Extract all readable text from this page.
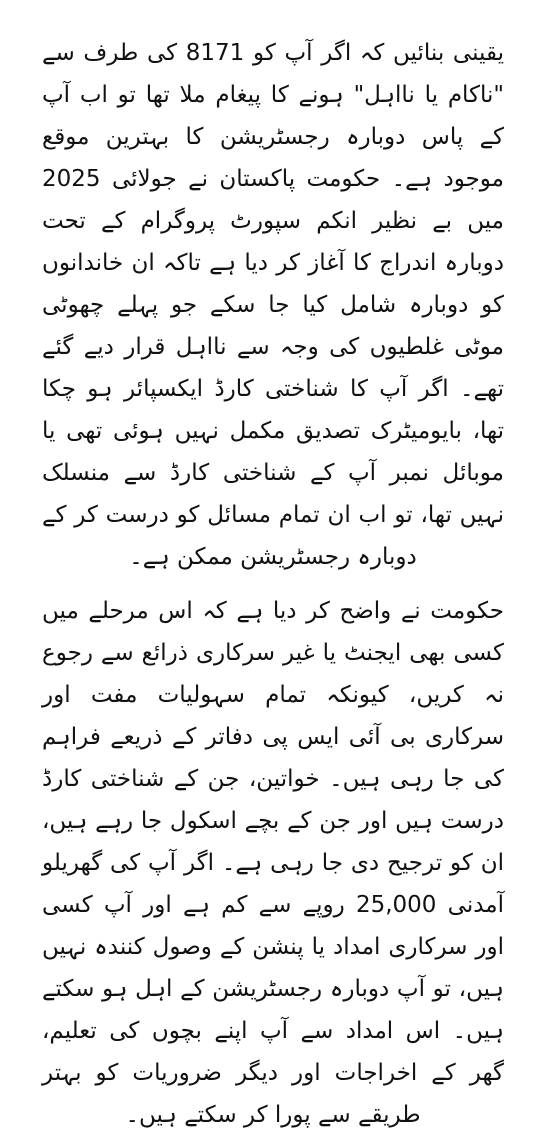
یقینی بنائیں کہ اگر آپ کو 8171 کی طرف سے "ناکام یا نااہل" ہونے کا پیغام ملا تھا تو اب آپ کے پاس دوبارہ رجسٹریشن کا بہترین موقع موجود ہے۔ حکومت پاکستان نے جولائی 2025 میں بے نظیر انکم سپورٹ پروگرام کے تحت دوبارہ اندراج کا آغاز کر دیا ہے تاکہ ان خاندانوں کو دوبارہ شامل کیا جا سکے جو پہلے چھوٹی موٹی غلطیوں کی وجہ سے نااہل قرار دیے گئے تھے۔ اگر آپ کا شناختی کارڈ ایکسپائر ہو چکا تھا، بایومیٹرک تصدیق مکمل نہیں ہوئی تھی یا موبائل نمبر آپ کے شناختی کارڈ سے منسلک نہیں تھا، تو اب ان تمام مسائل کو درست کر کے دوبارہ رجسٹریشن ممکن ہے۔

حکومت نے واضح کر دیا ہے کہ اس مرحلے میں کسی بھی ایجنٹ یا غیر سرکاری ذرائع سے رجوع نہ کریں، کیونکہ تمام سہولیات مفت اور سرکاری بی آئی ایس پی دفاتر کے ذریعے فراہم کی جا رہی ہیں۔ خواتین، جن کے شناختی کارڈ درست ہیں اور جن کے بچے اسکول جا رہے ہیں، ان کو ترجیح دی جا رہی ہے۔ اگر آپ کی گھریلو آمدنی 25,000 روپے سے کم ہے اور آپ کسی اور سرکاری امداد یا پنشن کے وصول کنندہ نہیں ہیں، تو آپ دوبارہ رجسٹریشن کے اہل ہو سکتے ہیں۔ اس امداد سے آپ اپنے بچوں کی تعلیم، گھر کے اخراجات اور دیگر ضروریات کو بہتر طریقے سے پورا کر سکتے ہیں۔
